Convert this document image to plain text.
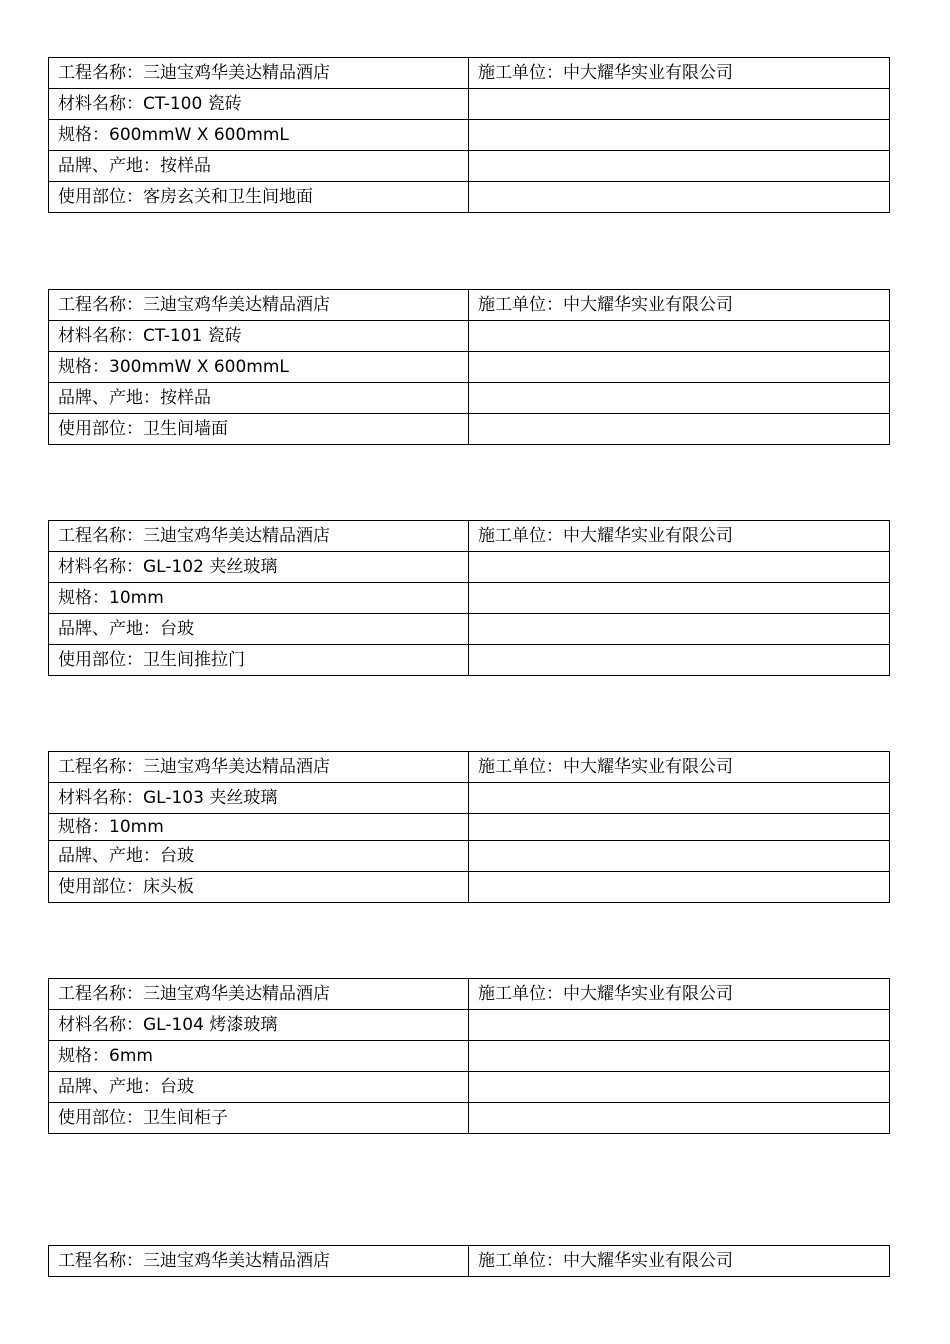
工程名称：三迪宝鸡华美达精品酒店	施工单位：中大耀华实业有限公司
材料名称：CT-100 瓷砖	
规格：600mmW X 600mmL	
品牌、产地：按样品	
使用部位：客房玄关和卫生间地面	
工程名称：三迪宝鸡华美达精品酒店	施工单位：中大耀华实业有限公司
材料名称：CT-101 瓷砖	
规格：300mmW X 600mmL	
品牌、产地：按样品	
使用部位：卫生间墙面	
工程名称：三迪宝鸡华美达精品酒店	施工单位：中大耀华实业有限公司
材料名称：GL-102 夹丝玻璃	
规格：10mm	
品牌、产地：台玻	
使用部位：卫生间推拉门	
工程名称：三迪宝鸡华美达精品酒店	施工单位：中大耀华实业有限公司
材料名称：GL-103 夹丝玻璃	
规格：10mm	
品牌、产地：台玻	
使用部位：床头板	
工程名称：三迪宝鸡华美达精品酒店	施工单位：中大耀华实业有限公司
材料名称：GL-104 烤漆玻璃	
规格：6mm	
品牌、产地：台玻	
使用部位：卫生间柜子	
工程名称：三迪宝鸡华美达精品酒店	施工单位：中大耀华实业有限公司
